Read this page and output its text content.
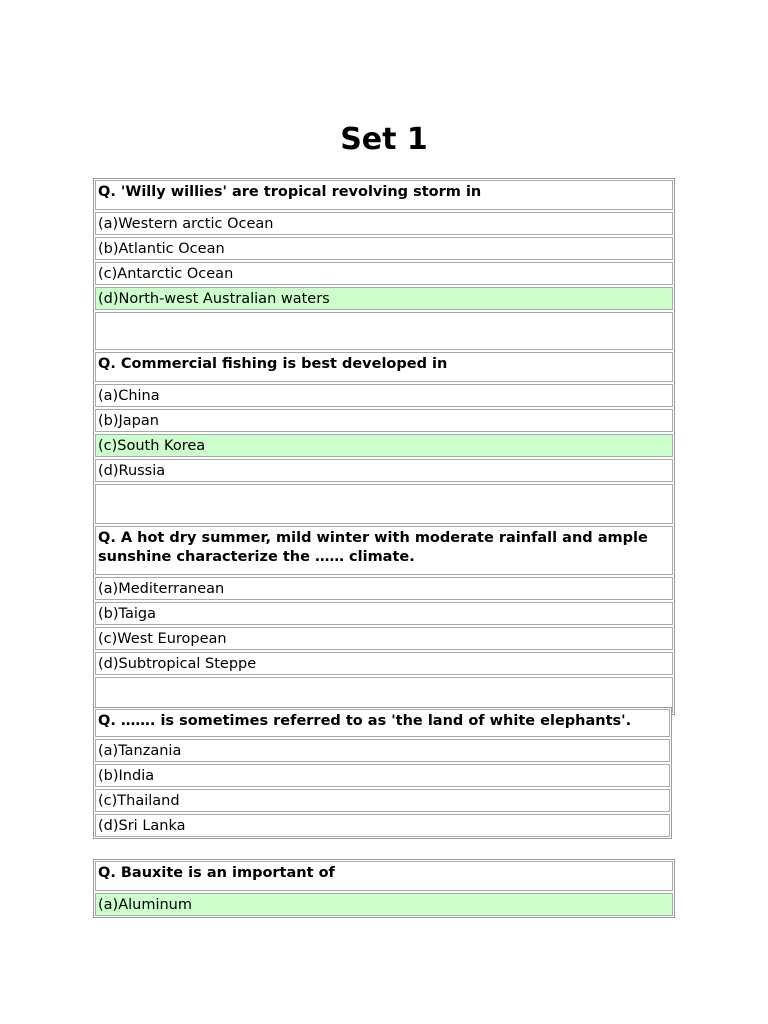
Set 1
Q. 'Willy willies' are tropical revolving storm in
(a)Western arctic Ocean
(b)Atlantic Ocean
(c)Antarctic Ocean
(d)North-west Australian waters
Q. Commercial fishing is best developed in
(a)China
(b)Japan
(c)South Korea
(d)Russia
Q. A hot dry summer, mild winter with moderate rainfall and ample sunshine characterize the …… climate.
(a)Mediterranean
(b)Taiga
(c)West European
(d)Subtropical Steppe
Q. ……. is sometimes referred to as 'the land of white elephants'.
(a)Tanzania
(b)India
(c)Thailand
(d)Sri Lanka
Q. Bauxite is an important of
(a)Aluminum
